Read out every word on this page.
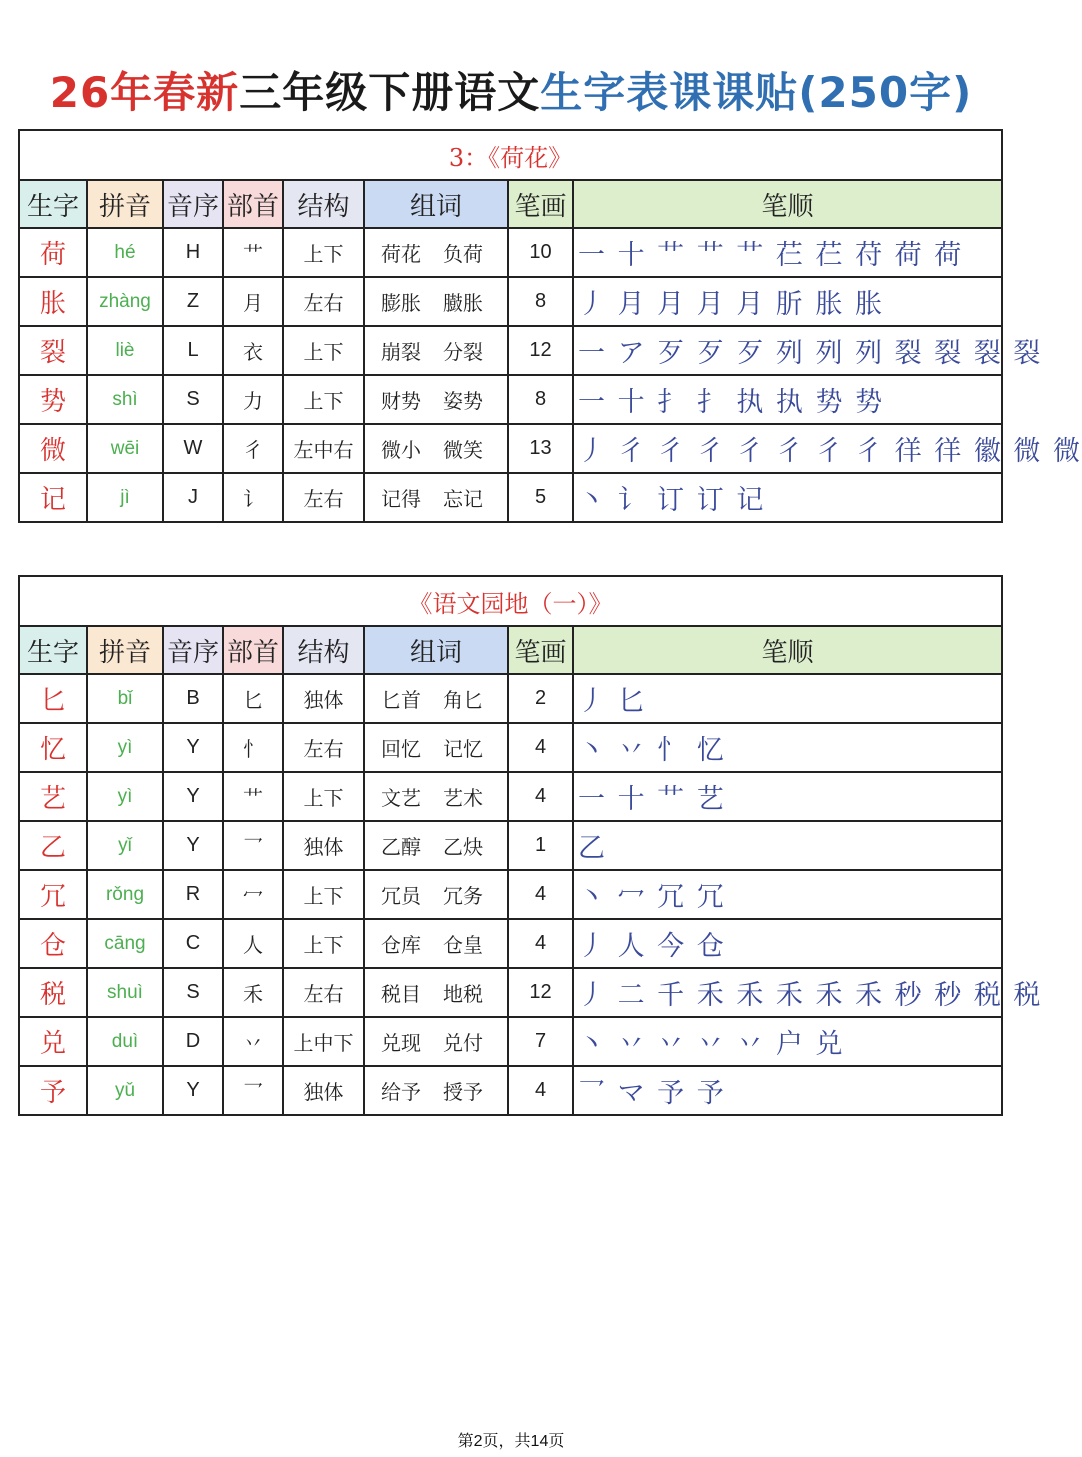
26年春新三年级下册语文生字表课课贴(250字)
3：《荷花》							
生字	拼音	音序	部首	结构	组词	笔画	笔顺
荷	hé	H	艹	上下	荷花 负荷	10	一 十 艹 艹 艹 芢 芢 苻 荷 荷
胀	zhàng	Z	月	左右	膨胀 臌胀	8	丿 月 月 月 月 肵 胀 胀
裂	liè	L	衣	上下	崩裂 分裂	12	一 ア 歹 歹 歹 列 列 列 裂 裂 裂 裂
势	shì	S	力	上下	财势 姿势	8	一 十 扌 扌 执 执 势 势
微	wēi	W	彳	左中右	微小 微笑	13	丿 彳 彳 彳 彳 彳 彳 彳 徉 徉 徽 微 微
记	jì	J	讠	左右	记得 忘记	5	丶 讠 订 订 记
《语文园地（一）》							
生字	拼音	音序	部首	结构	组词	笔画	笔顺
匕	bǐ	B	匕	独体	匕首 角匕	2	丿 匕
忆	yì	Y	忄	左右	回忆 记忆	4	丶 丷 忄 忆
艺	yì	Y	艹	上下	文艺 艺术	4	一 十 艹 艺
乙	yǐ	Y	乛	独体	乙醇 乙炔	1	乙
冗	rǒng	R	冖	上下	冗员 冗务	4	丶 冖 冗 冗
仓	cāng	C	人	上下	仓库 仓皇	4	丿 人 今 仓
税	shuì	S	禾	左右	税目 地税	12	丿 二 千 禾 禾 禾 禾 禾 秒 秒 税 税
兑	duì	D	丷	上中下	兑现 兑付	7	丶 丷 丷 丷 丷 户 兑
予	yǔ	Y	乛	独体	给予 授予	4	乛 マ 予 予
第2页，共14页
